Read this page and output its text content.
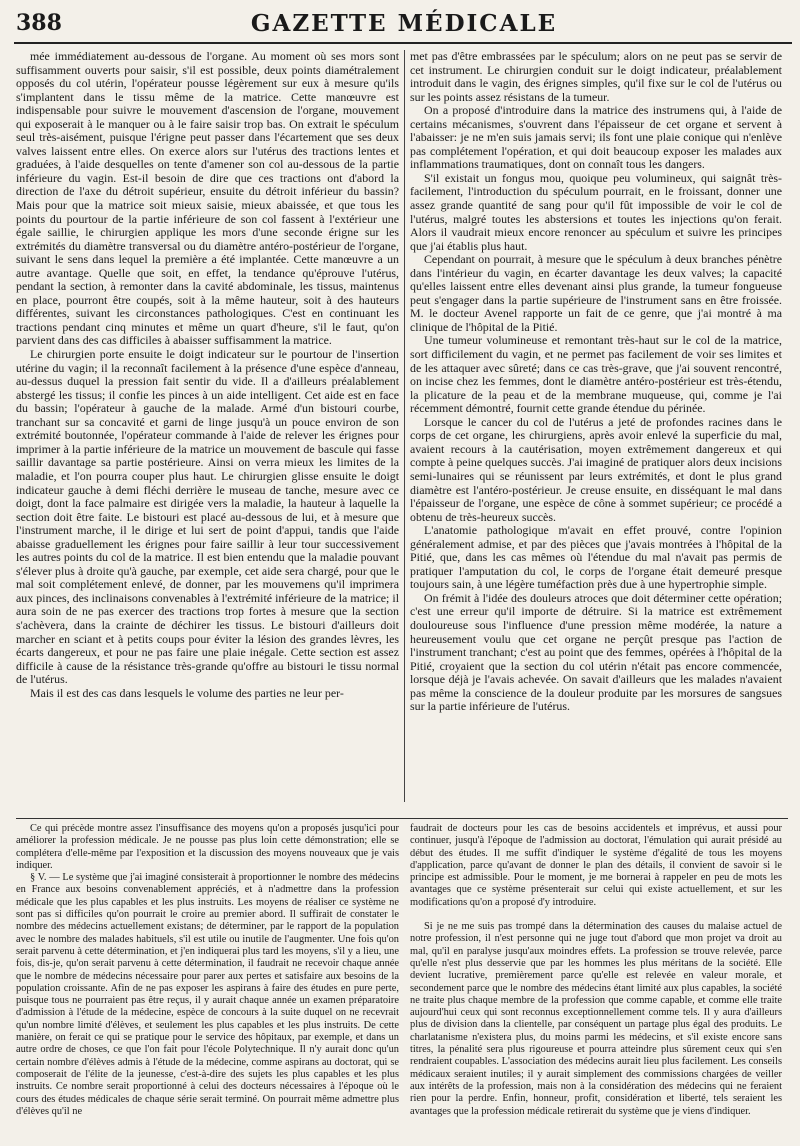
388	GAZETTE MÉDICALE

mée immédiatement au-dessous de l'organe. Au moment où ses mors sont suffisamment ouverts pour saisir, s'il est possible, deux points diamétralement opposés du col utérin, l'opérateur pousse légèrement sur eux à mesure qu'ils s'implantent dans le tissu même de la matrice. Cette manœuvre est indispensable pour suivre le mouvement d'ascension de l'organe, mouvement qui exposerait à le manquer ou à le faire saisir trop bas. On extrait le spéculum seul très-aisément, puisque l'érigne peut passer dans l'écartement que ses deux valves laissent entre elles. On exerce alors sur l'utérus des tractions lentes et graduées, à l'aide desquelles on tente d'amener son col au-dessous de la partie inférieure du vagin. Est-il besoin de dire que ces tractions ont d'abord la direction de l'axe du détroit supérieur, ensuite du détroit inférieur du bassin? Mais pour que la matrice soit mieux saisie, mieux abaissée, et que tous les points du pourtour de la partie inférieure de son col fassent à l'extérieur une égale saillie, le chirurgien applique les mors d'une seconde érigne sur les extrémités du diamètre transversal ou du diamètre antéro-postérieur de l'organe, suivant le sens dans lequel la première a été implantée. Cette manœuvre a un autre avantage. Quelle que soit, en effet, la tendance qu'éprouve l'utérus, pendant la section, à remonter dans la cavité abdominale, les tissus, maintenus en place, pourront être coupés, soit à la même hauteur, soit à des hauteurs différentes, suivant les circonstances pathologiques. C'est en continuant les tractions pendant cinq minutes et même un quart d'heure, s'il le faut, qu'on parvient dans des cas difficiles à abaisser suffisamment la matrice.

Le chirurgien porte ensuite le doigt indicateur sur le pourtour de l'insertion utérine du vagin; il la reconnaît facilement à la présence d'une espèce d'anneau, au-dessus duquel la pression fait sentir du vide. Il a d'ailleurs préalablement abstergé les tissus; il confie les pinces à un aide intelligent. Cet aide est en face du bassin; l'opérateur à gauche de la malade. Armé d'un bistouri courbe, tranchant sur sa concavité et garni de linge jusqu'à un pouce environ de son extrémité boutonnée, l'opérateur commande à l'aide de relever les érignes pour imprimer à la partie inférieure de la matrice un mouvement de bascule qui fasse saillir davantage sa partie postérieure. Ainsi on verra mieux les limites de la maladie, et l'on pourra couper plus haut. Le chirurgien glisse ensuite le doigt indicateur gauche à demi fléchi derrière le museau de tanche, mesure avec ce doigt, dont la face palmaire est dirigée vers la maladie, la hauteur à laquelle la section doit être faite. Le bistouri est placé au-dessous de lui, et à mesure que l'instrument marche, il le dirige et lui sert de point d'appui, tandis que l'aide abaisse graduellement les érignes pour faire saillir à leur tour successivement les autres points du col de la matrice. Il est bien entendu que la maladie pouvant s'élever plus à droite qu'à gauche, par exemple, cet aide sera chargé, pour que le mal soit complétement enlevé, de donner, par les mouvemens qu'il imprimera aux pinces, des inclinaisons convenables à l'extrémité inférieure de la matrice; il aura soin de ne pas exercer des tractions trop fortes à mesure que la section s'achèvera, dans la crainte de déchirer les tissus. Le bistouri d'ailleurs doit marcher en sciant et à petits coups pour éviter la lésion des grandes lèvres, les écarts dangereux, et pour ne pas faire une plaie inégale. Cette section est assez difficile à cause de la résistance très-grande qu'offre au bistouri le tissu normal de l'utérus.

Mais il est des cas dans lesquels le volume des parties ne leur per-

met pas d'être embrassées par le spéculum; alors on ne peut pas se servir de cet instrument. Le chirurgien conduit sur le doigt indicateur, préalablement introduit dans le vagin, des érignes simples, qu'il fixe sur le col de l'utérus ou sur les points assez résistans de la tumeur.

On a proposé d'introduire dans la matrice des instrumens qui, à l'aide de certains mécanismes, s'ouvrent dans l'épaisseur de cet organe et servent à l'abaisser: je ne m'en suis jamais servi; ils font une plaie conique qui n'enlève pas complétement l'opération, et qui doit beaucoup exposer les malades aux inflammations traumatiques, dont on connaît tous les dangers.

S'il existait un fongus mou, quoique peu volumineux, qui saignât très-facilement, l'introduction du spéculum pourrait, en le froissant, donner une assez grande quantité de sang pour qu'il fût impossible de voir le col de l'utérus, malgré toutes les abstersions et toutes les injections qu'on ferait. Alors il vaudrait mieux encore renoncer au spéculum et suivre les principes que j'ai établis plus haut.

Cependant on pourrait, à mesure que le spéculum à deux branches pénètre dans l'intérieur du vagin, en écarter davantage les deux valves; la capacité qu'elles laissent entre elles devenant ainsi plus grande, la tumeur fongueuse peut s'engager dans la partie supérieure de l'instrument sans en être froissée. M. le docteur Avenel rapporte un fait de ce genre, que j'ai montré à ma clinique de l'hôpital de la Pitié.

Une tumeur volumineuse et remontant très-haut sur le col de la matrice, sort difficilement du vagin, et ne permet pas facilement de voir ses limites et de les attaquer avec sûreté; dans ce cas très-grave, que j'ai souvent rencontré, on incise chez les femmes, dont le diamètre antéro-postérieur est très-étendu, la plicature de la peau et de la membrane muqueuse, qui, comme je l'ai récemment démontré, fournit cette grande étendue du périnée.

Lorsque le cancer du col de l'utérus a jeté de profondes racines dans le corps de cet organe, les chirurgiens, après avoir enlevé la superficie du mal, avaient recours à la cautérisation, moyen extrêmement dangereux et qui compte à peine quelques succès. J'ai imaginé de pratiquer alors deux incisions semi-lunaires qui se réunissent par leurs extrémités, et dont le plus grand diamètre est l'antéro-postérieur. Je creuse ensuite, en disséquant le mal dans l'épaisseur de l'organe, une espèce de cône à sommet supérieur; ce procédé a obtenu de très-heureux succès.

L'anatomie pathologique m'avait en effet prouvé, contre l'opinion généralement admise, et par des pièces que j'avais montrées à l'hôpital de la Pitié, que, dans les cas mêmes où l'étendue du mal n'avait pas permis de pratiquer l'amputation du col, le corps de l'organe était demeuré presque toujours sain, à une légère tuméfaction près due à une hypertrophie simple.

On frémit à l'idée des douleurs atroces que doit déterminer cette opération; c'est une erreur qu'il importe de détruire. Si la matrice est extrêmement douloureuse sous l'influence d'une pression même modérée, la nature a heureusement voulu que cet organe ne perçût presque pas l'action de l'instrument tranchant; c'est au point que des femmes, opérées à l'hôpital de la Pitié, croyaient que la section du col utérin n'était pas encore commencée, lorsque déjà je l'avais achevée. On savait d'ailleurs que les malades n'avaient pas même la conscience de la douleur produite par les morsures de sangsues sur la partie inférieure de l'utérus.

Ce qui précède montre assez l'insuffisance des moyens qu'on a proposés jusqu'ici pour améliorer la profession médicale. Je ne pousse pas plus loin cette démonstration; elle se complétera d'elle-même par l'exposition et la discussion des moyens nouveaux que je vais indiquer.

§ V. — Le système que j'ai imaginé consisterait à proportionner le nombre des médecins en France aux besoins convenablement appréciés, et à n'admettre dans la profession médicale que les plus capables et les plus instruits. Les moyens de réaliser ce système ne sont pas si difficiles qu'on pourrait le croire au premier abord. Il suffirait de constater le nombre des médecins actuellement existans; de déterminer, par le rapport de la population avec le nombre des malades habituels, s'il est utile ou inutile de l'augmenter. Une fois qu'on serait parvenu à cette détermination, et j'en indiquerai plus tard les moyens, s'il y a lieu, une fois, dis-je, qu'on serait parvenu à cette détermination, il faudrait ne recevoir chaque année que le nombre de médecins nécessaire pour parer aux pertes et satisfaire aux besoins de la population croissante. Afin de ne pas exposer les aspirans à faire des études en pure perte, puisque tous ne pourraient pas être reçus, il y aurait chaque année un examen préparatoire d'admission à l'étude de la médecine, espèce de concours à la suite duquel on ne recevrait qu'un nombre limité d'élèves, et seulement les plus capables et les plus instruits. De cette manière, on ferait ce qui se pratique pour le service des hôpitaux, par exemple, et dans un autre ordre de choses, ce que l'on fait pour l'école Polytechnique. Il n'y aurait donc qu'un certain nombre d'élèves admis à l'étude de la médecine, comme aspirans au doctorat, qui se composerait de l'élite de la jeunesse, c'est-à-dire des sujets les plus capables et les plus instruits. Ce nombre serait proportionné à celui des docteurs nécessaires à l'époque où le cours des études médicales de chaque série serait terminé. On pourrait même admettre plus d'élèves qu'il ne

faudrait de docteurs pour les cas de besoins accidentels et imprévus, et aussi pour continuer, jusqu'à l'époque de l'admission au doctorat, l'émulation qui aurait présidé au début des études. Il me suffit d'indiquer le système d'égalité de tous les moyens d'application, parce qu'avant de donner le plan des détails, il convient de savoir si le principe est admissible. Pour le moment, je me bornerai à rappeler en peu de mots les avantages que ce système présenterait sur celui qui existe actuellement, et sur les modifications qu'on a proposé d'y introduire.

Si je ne me suis pas trompé dans la détermination des causes du malaise actuel de notre profession, il n'est personne qui ne juge tout d'abord que mon projet va droit au mal, qu'il en paralyse jusqu'aux moindres effets. La profession se trouve relevée, parce qu'elle n'est plus desservie que par les hommes les plus méritans de la société. Elle devient lucrative, premièrement parce qu'elle est relevée en valeur morale, et secondement parce que le nombre des médecins étant limité aux plus capables, la société ne traite plus chaque membre de la profession que comme capable, et comme elle traite aujourd'hui ceux qui sont reconnus exceptionnellement comme tels. Il y aura d'ailleurs plus de division dans la clientelle, par conséquent un partage plus égal des produits. Le charlatanisme n'existera plus, du moins parmi les médecins, et s'il existe encore sans titres, la pénalité sera plus rigoureuse et pourra atteindre plus sûrement ceux qui s'en rendraient coupables. L'association des médecins aurait lieu plus facilement. Les conseils médicaux seraient inutiles; il y aurait simplement des commissions chargées de veiller aux intérêts de la profession, mais non à la considération des médecins qui ne feraient rien pour la perdre. Enfin, honneur, profit, considération et liberté, tels seraient les avantages que la profession médicale retirerait du système que je viens d'indiquer.
